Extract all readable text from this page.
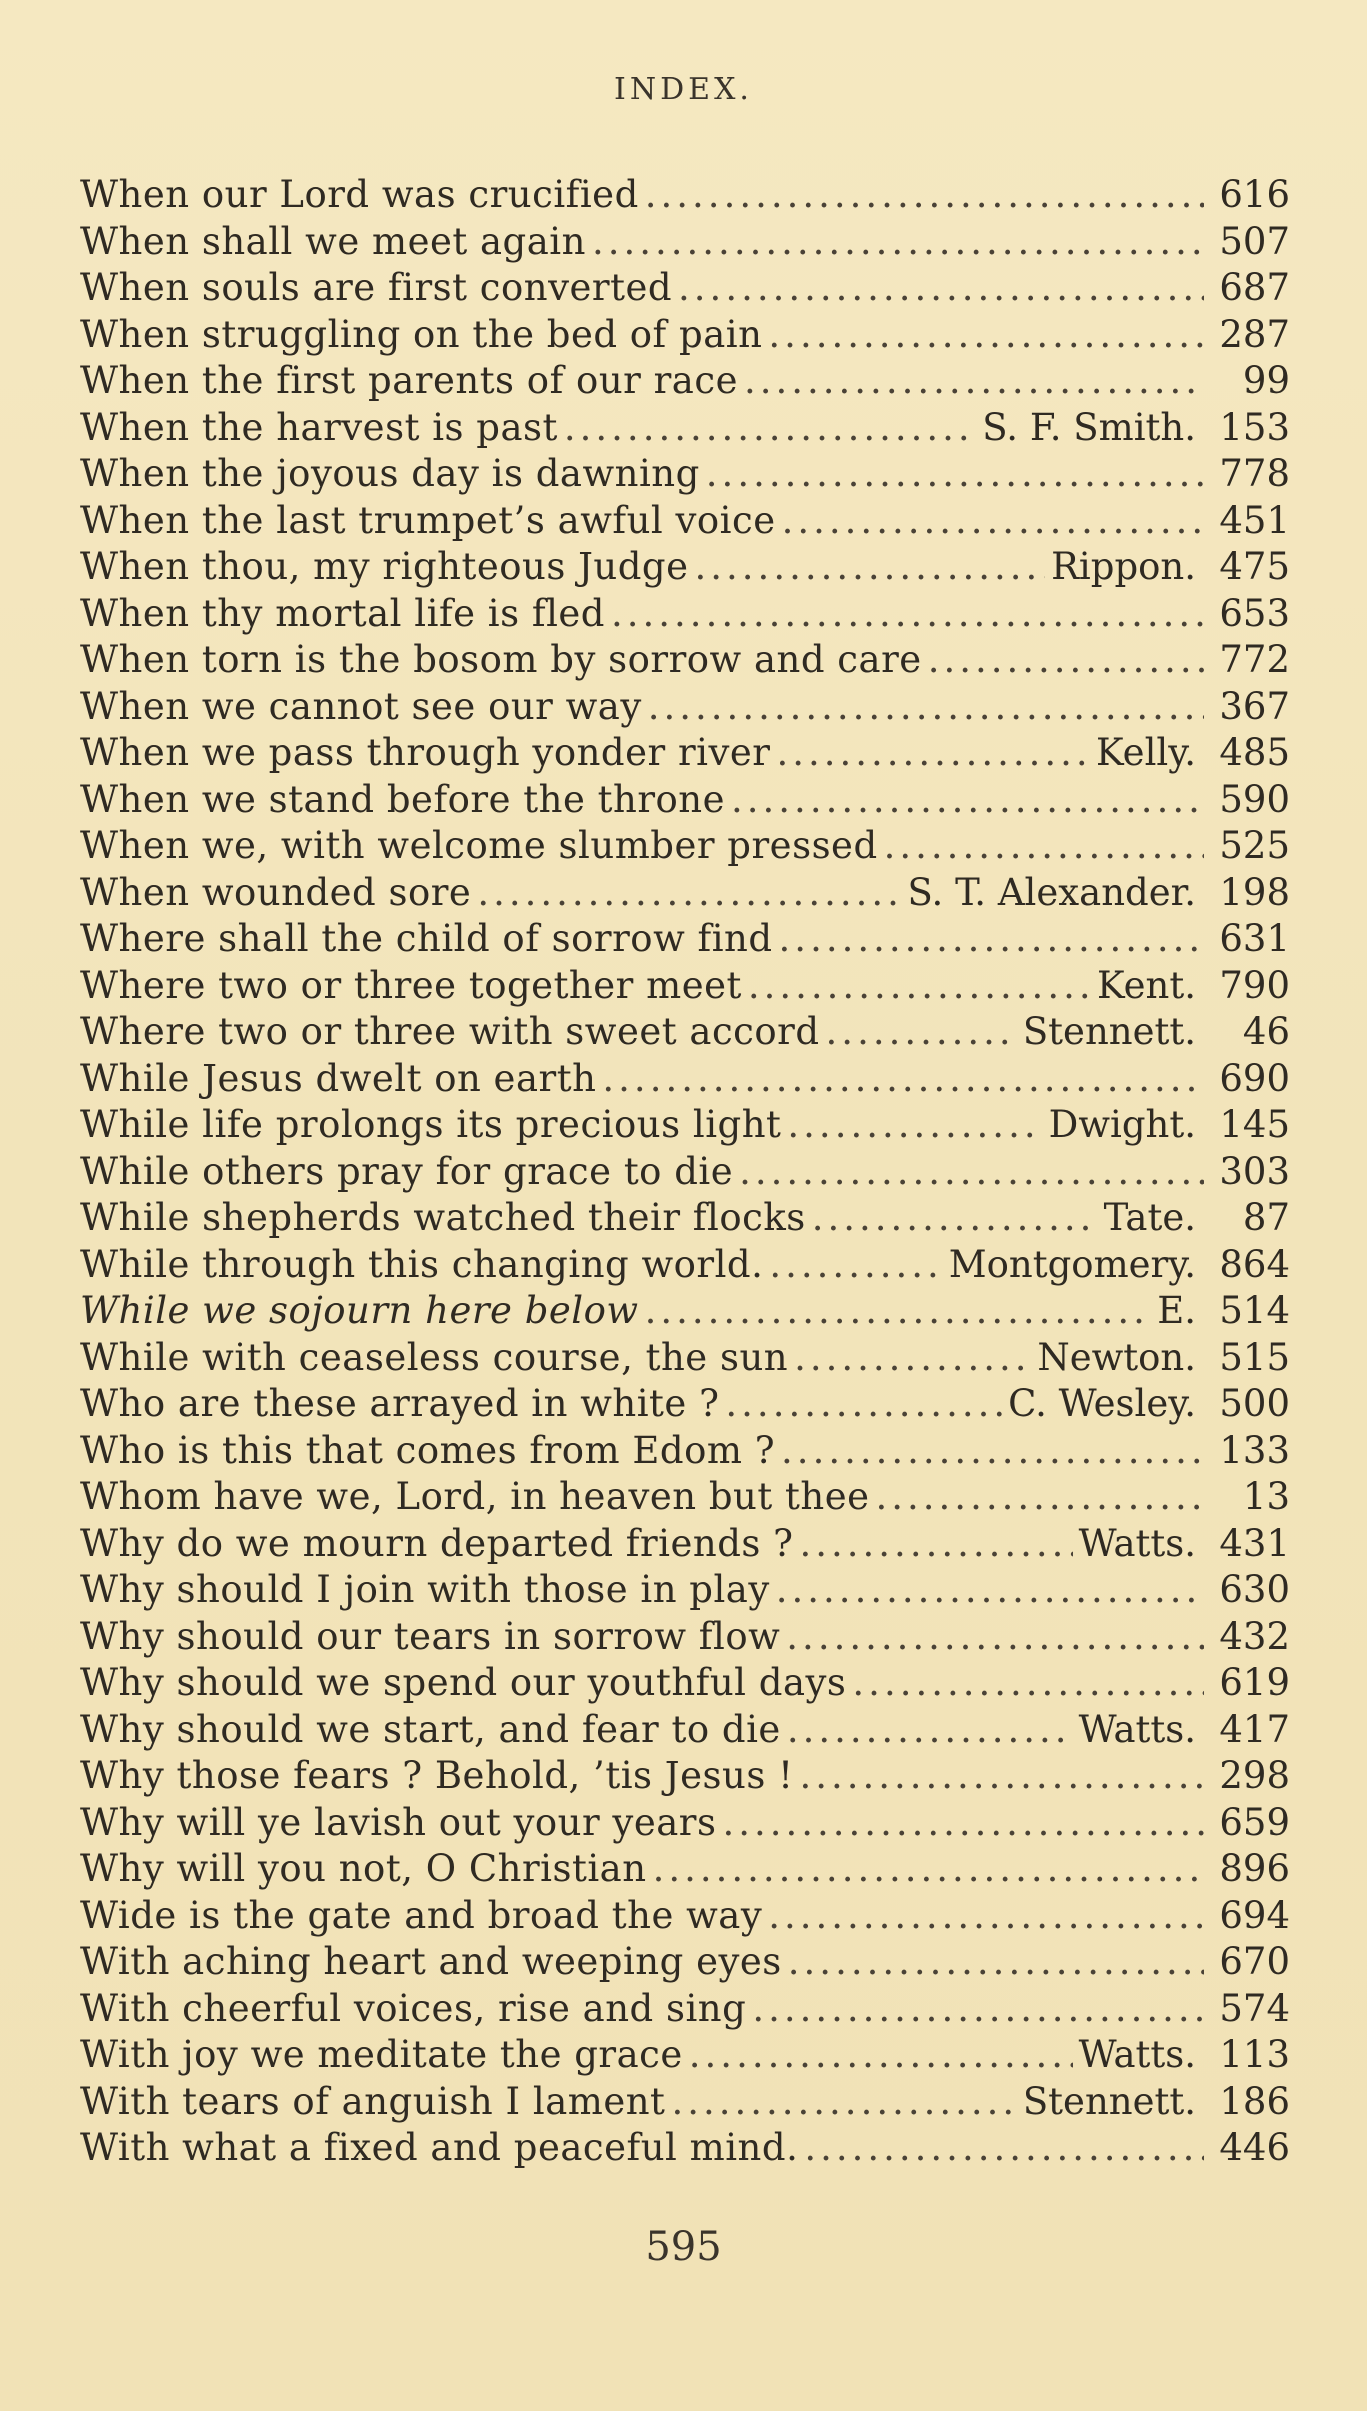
INDEX.
When our Lord was crucified .....	616
When shall we meet again .....	507
When souls are first converted .....	687
When struggling on the bed of pain .....	287
When the first parents of our race .....	99
When the harvest is past .....	S. F. Smith. 153
When the joyous day is dawning .....	778
When the last trumpet’s awful voice .....	451
When thou, my righteous Judge .....	Rippon. 475
When thy mortal life is fled .....	653
When torn is the bosom by sorrow and care .....	772
When we cannot see our way .....	367
When we pass through yonder river .....	Kelly. 485
When we stand before the throne .....	590
When we, with welcome slumber pressed .....	525
When wounded sore .....	S. T. Alexander. 198
Where shall the child of sorrow find .....	631
Where two or three together meet .....	Kent. 790
Where two or three with sweet accord .....	Stennett.	46
While Jesus dwelt on earth .....	690
While life prolongs its precious light .....	Dwight. 145
While others pray for grace to die .....	303
While shepherds watched their flocks .....	Tate.	87
While through this changing world. .....	Montgomery. 864
While we sojourn here below .....	E. 514
While with ceaseless course, the sun .....	Newton. 515
Who are these arrayed in white ? .....	C. Wesley. 500
Who is this that comes from Edom ? .....	133
Whom have we, Lord, in heaven but thee .....	13
Why do we mourn departed friends ? .....	Watts. 431
Why should I join with those in play .....	630
Why should our tears in sorrow flow .....	432
Why should we spend our youthful days .....	619
Why should we start, and fear to die .....	Watts. 417
Why those fears ? Behold, ’tis Jesus ! .....	298
Why will ye lavish out your years .....	659
Why will you not, O Christian .....	896
Wide is the gate and broad the way .....	694
With aching heart and weeping eyes .....	670
With cheerful voices, rise and sing .....	574
With joy we meditate the grace .....	Watts. 113
With tears of anguish I lament .....	Stennett. 186
With what a fixed and peaceful mind. .....	446
595
